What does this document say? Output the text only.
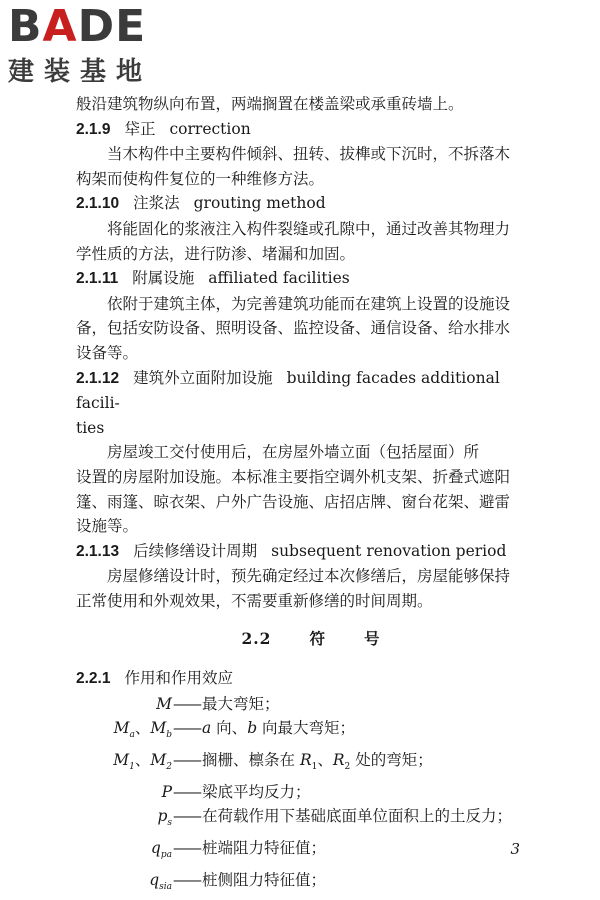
BADE
建装基地

般沿建筑物纵向布置，两端搁置在楼盖梁或承重砖墙上。

2.1.9 牮正 correction

当木构件中主要构件倾斜、扭转、拔榫或下沉时，不拆落木
构架而使构件复位的一种维修方法。

2.1.10 注浆法 grouting method

将能固化的浆液注入构件裂缝或孔隙中，通过改善其物理力
学性质的方法，进行防渗、堵漏和加固。

2.1.11 附属设施 affiliated facilities

依附于建筑主体，为完善建筑功能而在建筑上设置的设施设
备，包括安防设备、照明设备、监控设备、通信设备、给水排水
设备等。

2.1.12 建筑外立面附加设施 building facades additional facili-
ties

房屋竣工交付使用后，在房屋外墙立面（包括屋面）所
设置的房屋附加设施。本标准主要指空调外机支架、折叠式遮阳
篷、雨篷、晾衣架、户外广告设施、店招店牌、窗台花架、避雷
设施等。

2.1.13 后续修缮设计周期 subsequent renovation period

房屋修缮设计时，预先确定经过本次修缮后，房屋能够保持
正常使用和外观效果，不需要重新修缮的时间周期。

2.2 符 号

2.2.1 作用和作用效应

M —— 最大弯矩；
$M_a$、$M_b$ —— a 向、b 向最大弯矩；
$M_1$、$M_2$ —— 搁栅、檩条在 $R_1$、$R_2$ 处的弯矩；
P —— 梁底平均反力；
$p_s$ —— 在荷载作用下基础底面单位面积上的土反力；
$q_{pa}$ —— 桩端阻力特征值；
$q_{sia}$ —— 桩侧阻力特征值；
3
